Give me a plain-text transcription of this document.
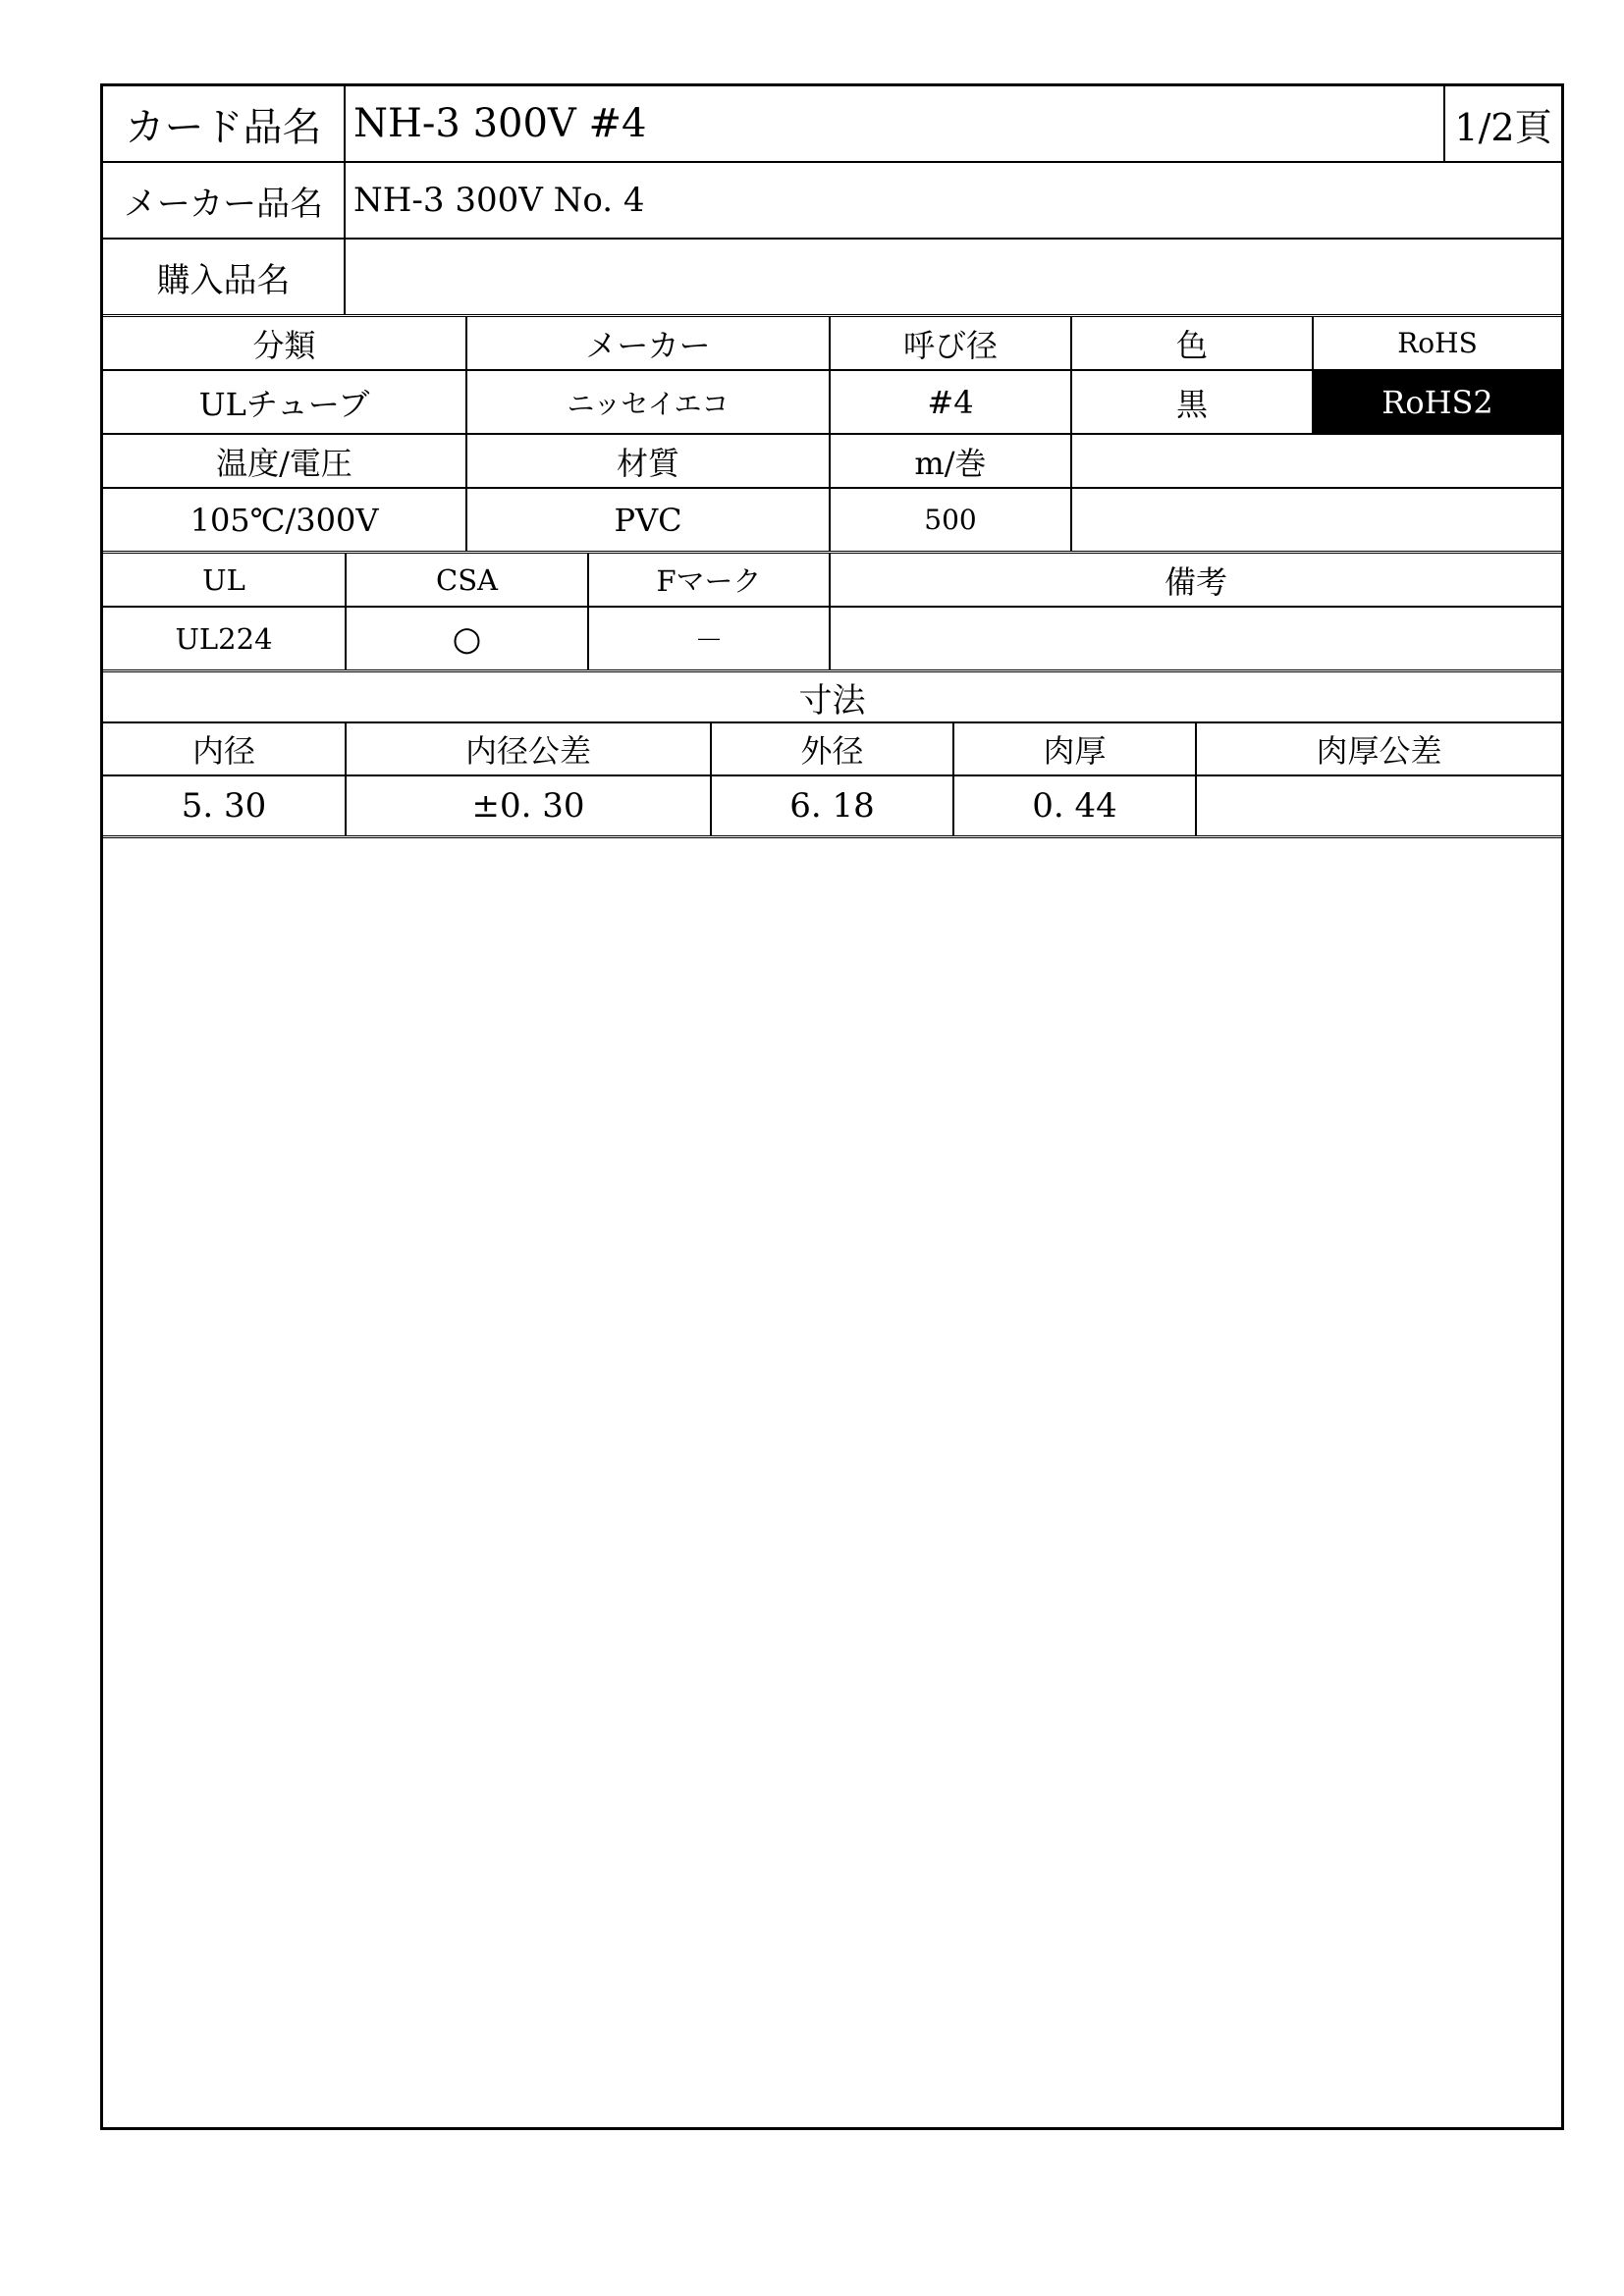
カード品名	NH-3 300V #4	1/2頁
メーカー品名	NH-3 300V No. 4	
購入品名		
分類	メーカー	呼び径	色	RoHS
ULチューブ	ニッセイエコ	#4	黒	RoHS2
温度/電圧	材質	m/巻		
105℃/300V	PVC	500		
UL	CSA	Fマーク	備考
UL224	○	－	
寸法				
内径	内径公差	外径	肉厚	肉厚公差
5. 30	±0. 30	6. 18	0. 44	
